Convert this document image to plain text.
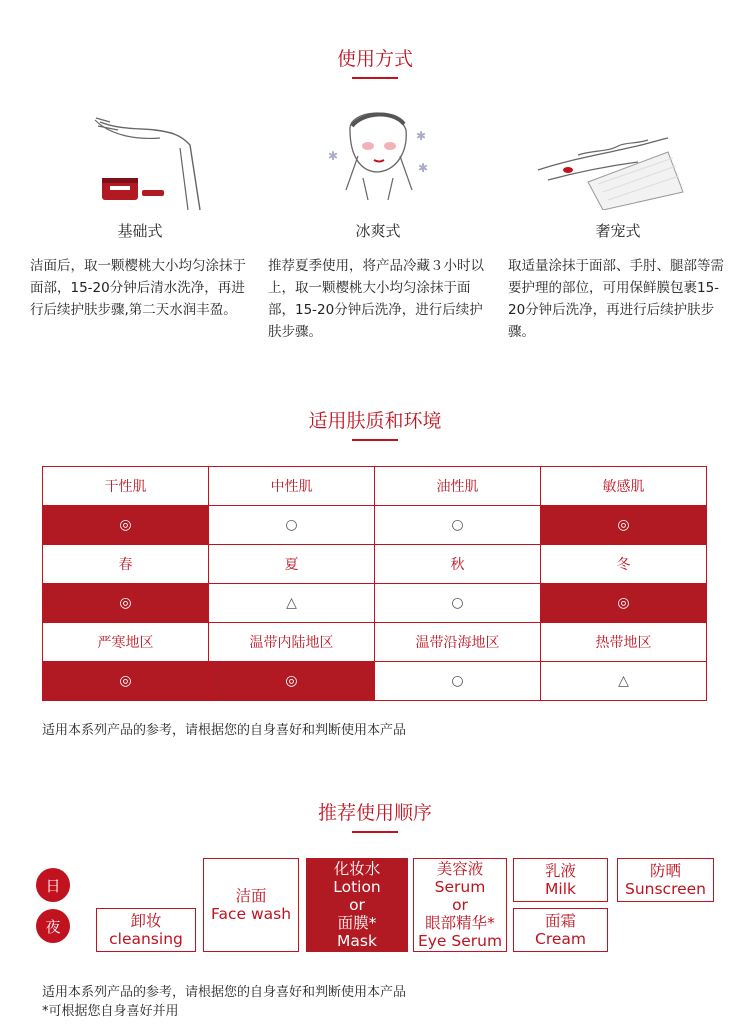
使用方式
基础式
洁面后，取一颗樱桃大小均匀涂抹于面部，15-20分钟后清水洗净，再进行后续护肤步骤,第二天水润丰盈。
✱
✱
✱
冰爽式
推荐夏季使用，将产品冷藏３小时以上，取一颗樱桃大小均匀涂抹于面部，15-20分钟后洗净，进行后续护肤步骤。
奢宠式
取适量涂抹于面部、手肘、腿部等需要护理的部位，可用保鲜膜包裹15-20分钟后洗净，再进行后续护肤步骤。
适用肤质和环境
干性肌	中性肌	油性肌	敏感肌
◎	○	○	◎
春	夏	秋	冬
◎	△	○	◎
严寒地区	温带内陆地区	温带沿海地区	热带地区
◎	◎	○	△
适用本系列产品的参考，请根据您的自身喜好和判断使用本产品
推荐使用顺序
日
夜	卸妆
cleansing
洁面
Face wash
化妆水
Lotion
or
面膜*
Mask
美容液
Serum
or
眼部精华*
Eye Serum
乳液
Milk
面霜
Cream
防晒
Sunscreen
适用本系列产品的参考，请根据您的自身喜好和判断使用本产品
*可根据您自身喜好并用
